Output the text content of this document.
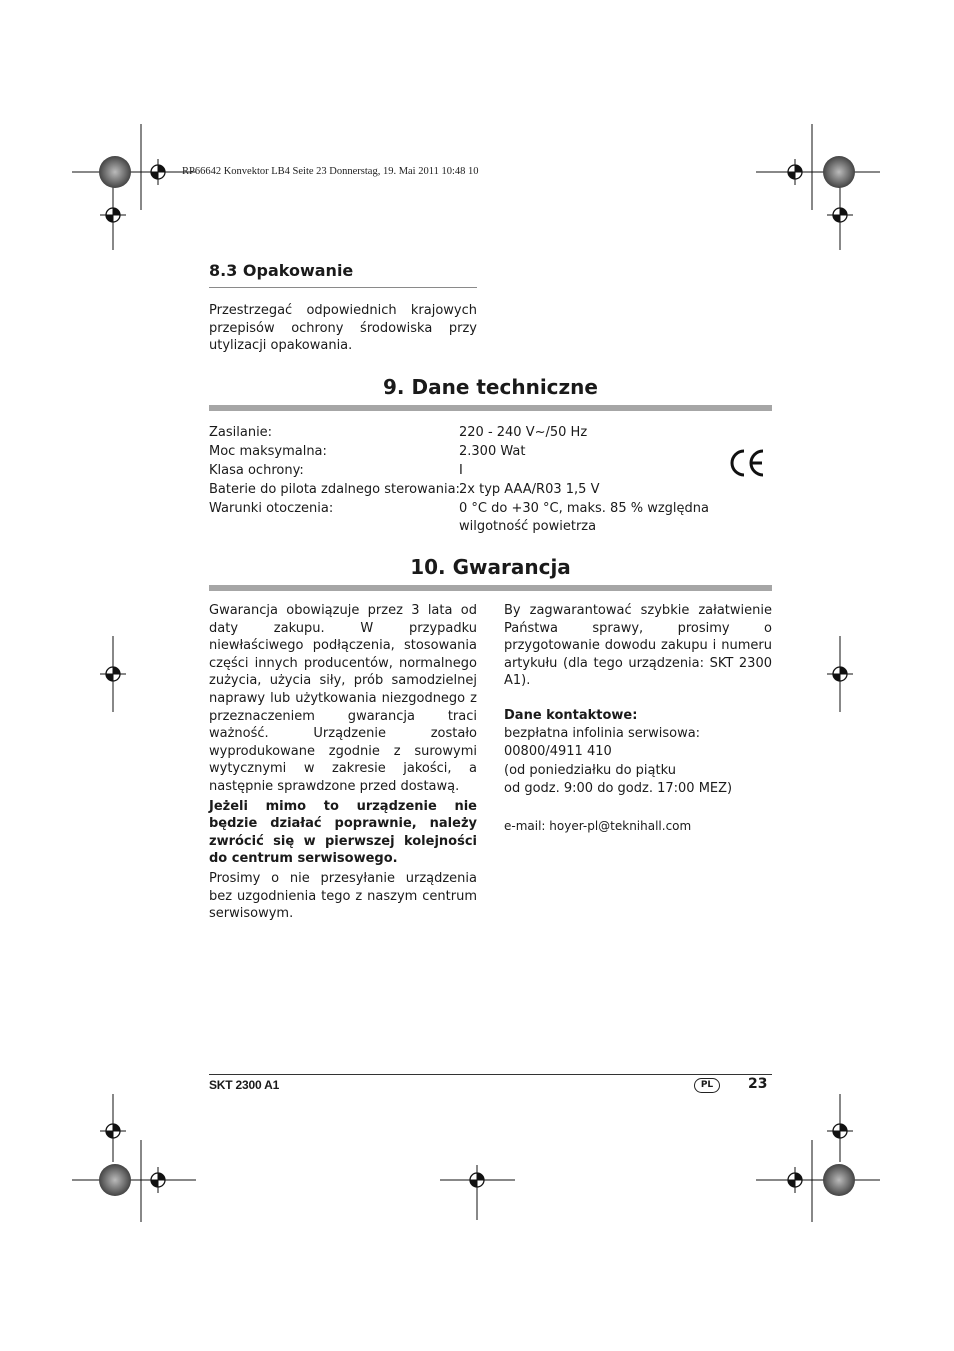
RP66642 Konvektor LB4 Seite 23 Donnerstag, 19. Mai 2011 10:48 10
8.3 Opakowanie

Przestrzegać odpowiednich krajowych przepisów ochrony środowiska przy utylizacji opakowania.

9. Dane techniczne
Zasilanie:	220 - 240 V~/50 Hz
Moc maksymalna:	2.300 Wat
Klasa ochrony:	I
Baterie do pilota zdalnego sterowania: 2x typ AAA/R03 1,5 V
Warunki otoczenia:	0 °C do +30 °C, maks. 85 % względna
wilgotność powietrza
10. Gwarancja

Gwarancja obowiązuje przez 3 lata od daty zakupu. W przypadku niewłaściwego podłączenia, stosowania części innych producentów, normalnego zużycia, użycia siły, prób samodzielnej naprawy lub użytkowania niezgodnego z przeznaczeniem gwarancja traci ważność. Urządzenie zostało wyprodukowane zgodnie z surowymi wytycznymi w zakresie jakości, a następnie sprawdzone przed dostawą.

Jeżeli mimo to urządzenie nie będzie działać poprawnie, należy zwrócić się w pierwszej kolejności do centrum serwisowego.

Prosimy o nie przesyłanie urządzenia bez uzgodnienia tego z naszym centrum serwisowym.

By zagwarantować szybkie załatwienie Państwa sprawy, prosimy o przygotowanie dowodu zakupu i numeru artykułu (dla tego urządzenia: SKT 2300 A1).

Dane kontaktowe:

bezpłatna infolinia serwisowa:

00800/4911 410

(od poniedziałku do piątku

od godz. 9:00 do godz. 17:00 MEZ)

e-mail: hoyer-pl@teknihall.com

SKT 2300 A1	PL	23
